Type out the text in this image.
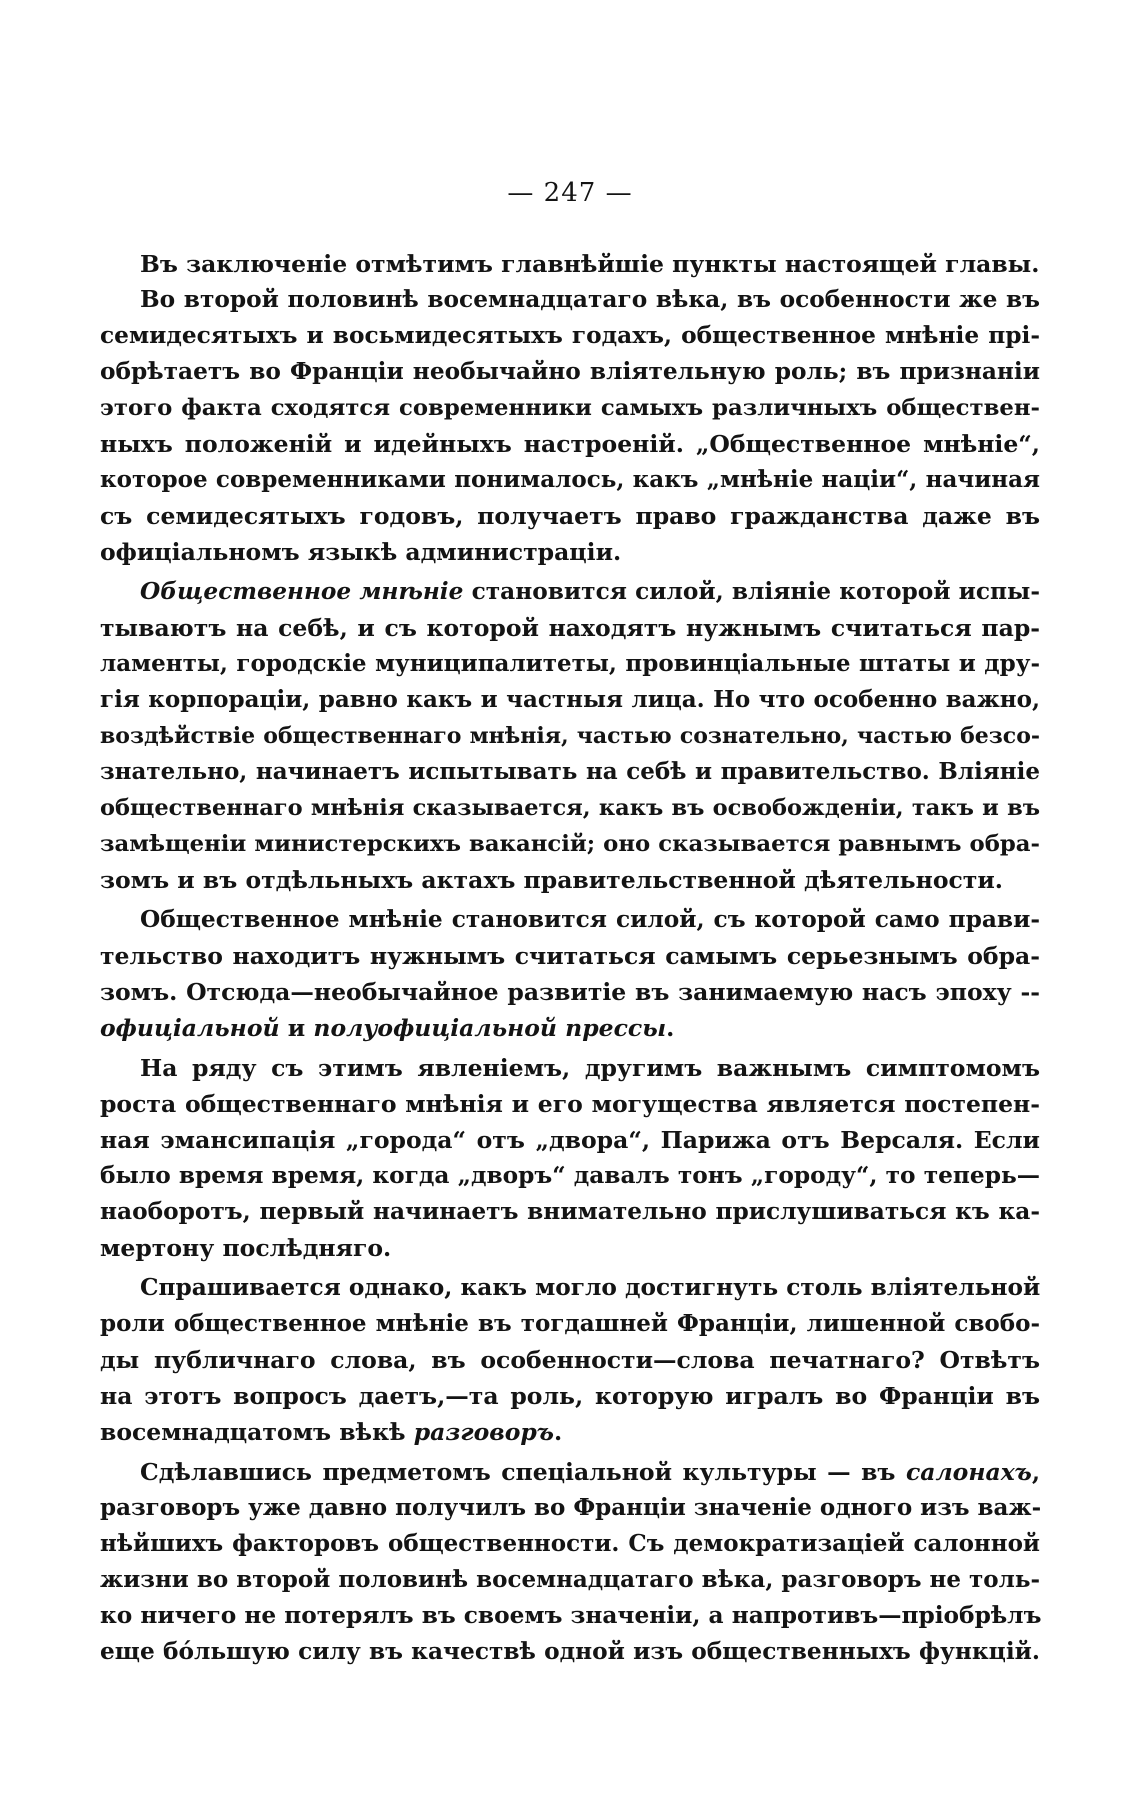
— 247 —
Въ заключенiе отмѣтимъ главнѣйшiе пункты настоящей главы.
Во второй половинѣ восемнадцатаго вѣка, въ особенности же въ
семидесятыхъ и восьмидесятыхъ годахъ, общественное мнѣнiе прi-
обрѣтаетъ во Францiи необычайно влiятельную роль; въ признанiи
этого факта сходятся современники самыхъ различныхъ обществен-
ныхъ положенiй и идейныхъ настроенiй. „Общественное мнѣнiе“,
которое современниками понималось, какъ „мнѣнiе нацiи“, начиная
съ семидесятыхъ годовъ, получаетъ право гражданства даже въ
офицiальномъ языкѣ администрацiи.
Общественное мнѣнiе становится силой, влiянiе которой испы-
тываютъ на себѣ, и съ которой находятъ нужнымъ считаться пар-
ламенты, городскiе муниципалитеты, провинцiальные штаты и дру-
гiя корпорацiи, равно какъ и частныя лица. Но что особенно важно,
воздѣйствiе общественнаго мнѣнiя, частью сознательно, частью безсо-
знательно, начинаетъ испытывать на себѣ и правительство. Влiянiе
общественнаго мнѣнiя сказывается, какъ въ освобожденiи, такъ и въ
замѣщенiи министерскихъ вакансiй; оно сказывается равнымъ обра-
зомъ и въ отдѣльныхъ актахъ правительственной дѣятельности.
Общественное мнѣнiе становится силой, съ которой само прави-
тельство находитъ нужнымъ считаться самымъ серьезнымъ обра-
зомъ. Отсюда—необычайное развитiе въ занимаемую насъ эпоху --
офицiальной и полуофицiальной прессы.
На ряду съ этимъ явленiемъ, другимъ важнымъ симптомомъ
роста общественнаго мнѣнiя и его могущества является постепен-
ная эмансипацiя „города“ отъ „двора“, Парижа отъ Версаля. Если
было время время, когда „дворъ“ давалъ тонъ „городу“, то теперь—
наоборотъ, первый начинаетъ внимательно прислушиваться къ ка-
мертону послѣдняго.
Спрашивается однако, какъ могло достигнуть столь влiятельной
роли общественное мнѣнiе въ тогдашней Францiи, лишенной свобо-
ды публичнаго слова, въ особенности—слова печатнаго? Отвѣтъ
на этотъ вопросъ даетъ,—та роль, которую игралъ во Францiи въ
восемнадцатомъ вѣкѣ разговоръ.
Сдѣлавшись предметомъ спецiальной культуры — въ салонахъ,
разговоръ уже давно получилъ во Францiи значенiе одного изъ важ-
нѣйшихъ факторовъ общественности. Съ демократизацiей салонной
жизни во второй половинѣ восемнадцатаго вѣка, разговоръ не толь-
ко ничего не потерялъ въ своемъ значенiи, а напротивъ—прiобрѣлъ
еще бóльшую силу въ качествѣ одной изъ общественныхъ функцiй.
